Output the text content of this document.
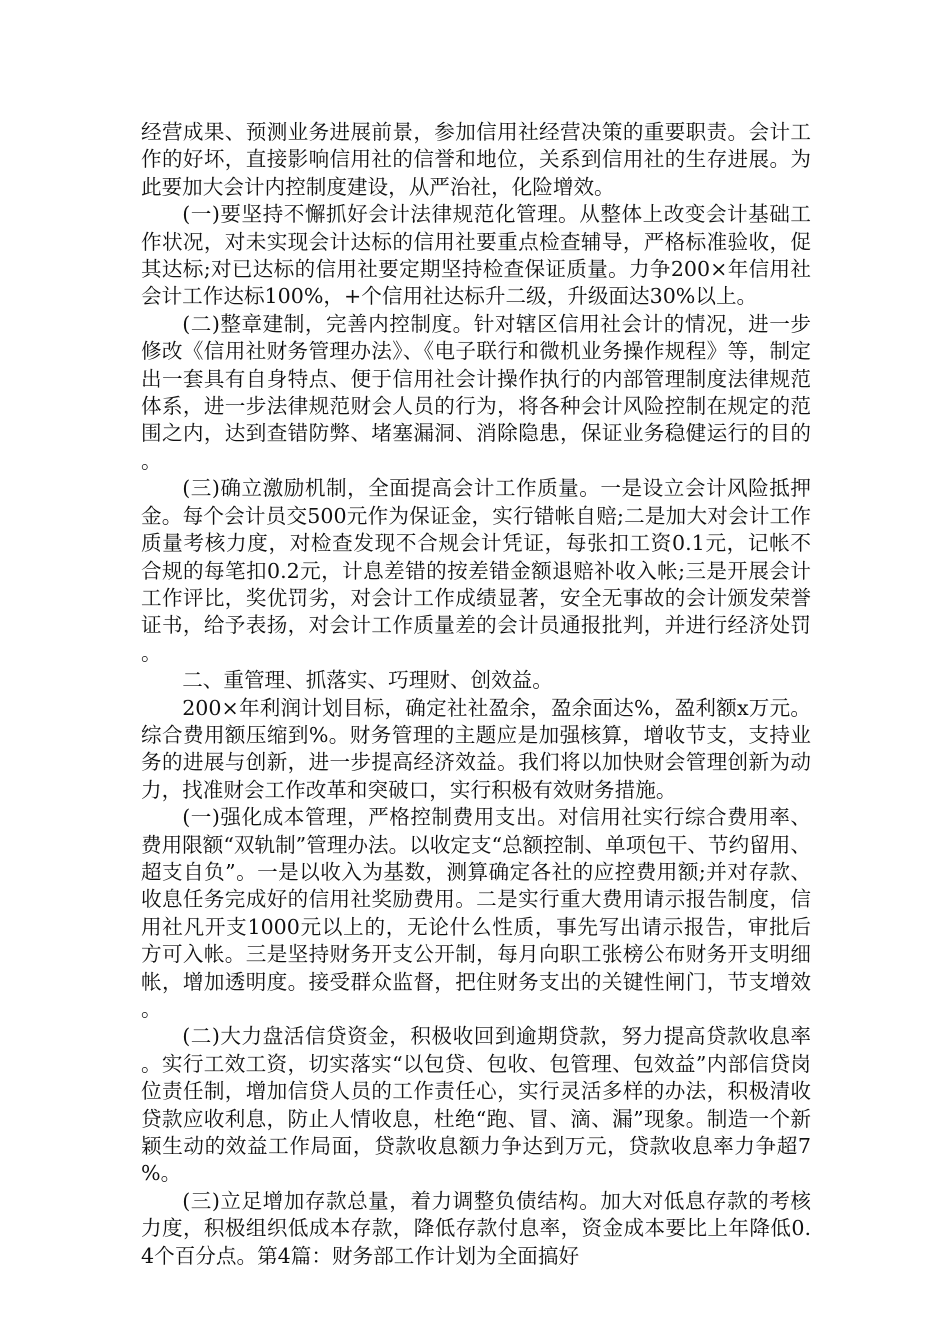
经营成果、预测业务进展前景，参加信用社经营决策的重要职责。会计工作的好坏，直接影响信用社的信誉和地位，关系到信用社的生存进展。为此要加大会计内控制度建设，从严治社，化险增效。

(一)要坚持不懈抓好会计法律规范化管理。从整体上改变会计基础工作状况，对未实现会计达标的信用社要重点检查辅导，严格标准验收，促其达标;对已达标的信用社要定期坚持检查保证质量。力争200×年信用社会计工作达标100%，+个信用社达标升二级，升级面达30%以上。

(二)整章建制，完善内控制度。针对辖区信用社会计的情况，进一步修改《信用社财务管理办法》、《电子联行和微机业务操作规程》等，制定出一套具有自身特点、便于信用社会计操作执行的内部管理制度法律规范体系，进一步法律规范财会人员的行为，将各种会计风险控制在规定的范围之内，达到查错防弊、堵塞漏洞、消除隐患，保证业务稳健运行的目的。

(三)确立激励机制，全面提高会计工作质量。一是设立会计风险抵押金。每个会计员交500元作为保证金，实行错帐自赔;二是加大对会计工作质量考核力度，对检查发现不合规会计凭证，每张扣工资0.1元，记帐不合规的每笔扣0.2元，计息差错的按差错金额退赔补收入帐;三是开展会计工作评比，奖优罚劣，对会计工作成绩显著，安全无事故的会计颁发荣誉证书，给予表扬，对会计工作质量差的会计员通报批判，并进行经济处罚。

二、重管理、抓落实、巧理财、创效益。

200×年利润计划目标，确定社社盈余，盈余面达%，盈利额x万元。综合费用额压缩到%。财务管理的主题应是加强核算，增收节支，支持业务的进展与创新，进一步提高经济效益。我们将以加快财会管理创新为动力，找准财会工作改革和突破口，实行积极有效财务措施。

(一)强化成本管理，严格控制费用支出。对信用社实行综合费用率、费用限额“双轨制”管理办法。以收定支“总额控制、单项包干、节约留用、超支自负”。一是以收入为基数，测算确定各社的应控费用额;并对存款、收息任务完成好的信用社奖励费用。二是实行重大费用请示报告制度，信用社凡开支1000元以上的，无论什么性质，事先写出请示报告，审批后方可入帐。三是坚持财务开支公开制，每月向职工张榜公布财务开支明细帐，增加透明度。接受群众监督，把住财务支出的关键性闸门，节支增效。

(二)大力盘活信贷资金，积极收回到逾期贷款，努力提高贷款收息率。实行工效工资，切实落实“以包贷、包收、包管理、包效益”内部信贷岗位责任制，增加信贷人员的工作责任心，实行灵活多样的办法，积极清收贷款应收利息，防止人情收息，杜绝“跑、冒、滴、漏”现象。制造一个新颖生动的效益工作局面，贷款收息额力争达到万元，贷款收息率力争超7%。

(三)立足增加存款总量，着力调整负债结构。加大对低息存款的考核力度，积极组织低成本存款，降低存款付息率，资金成本要比上年降低0.4个百分点。第4篇：财务部工作计划为全面搞好
